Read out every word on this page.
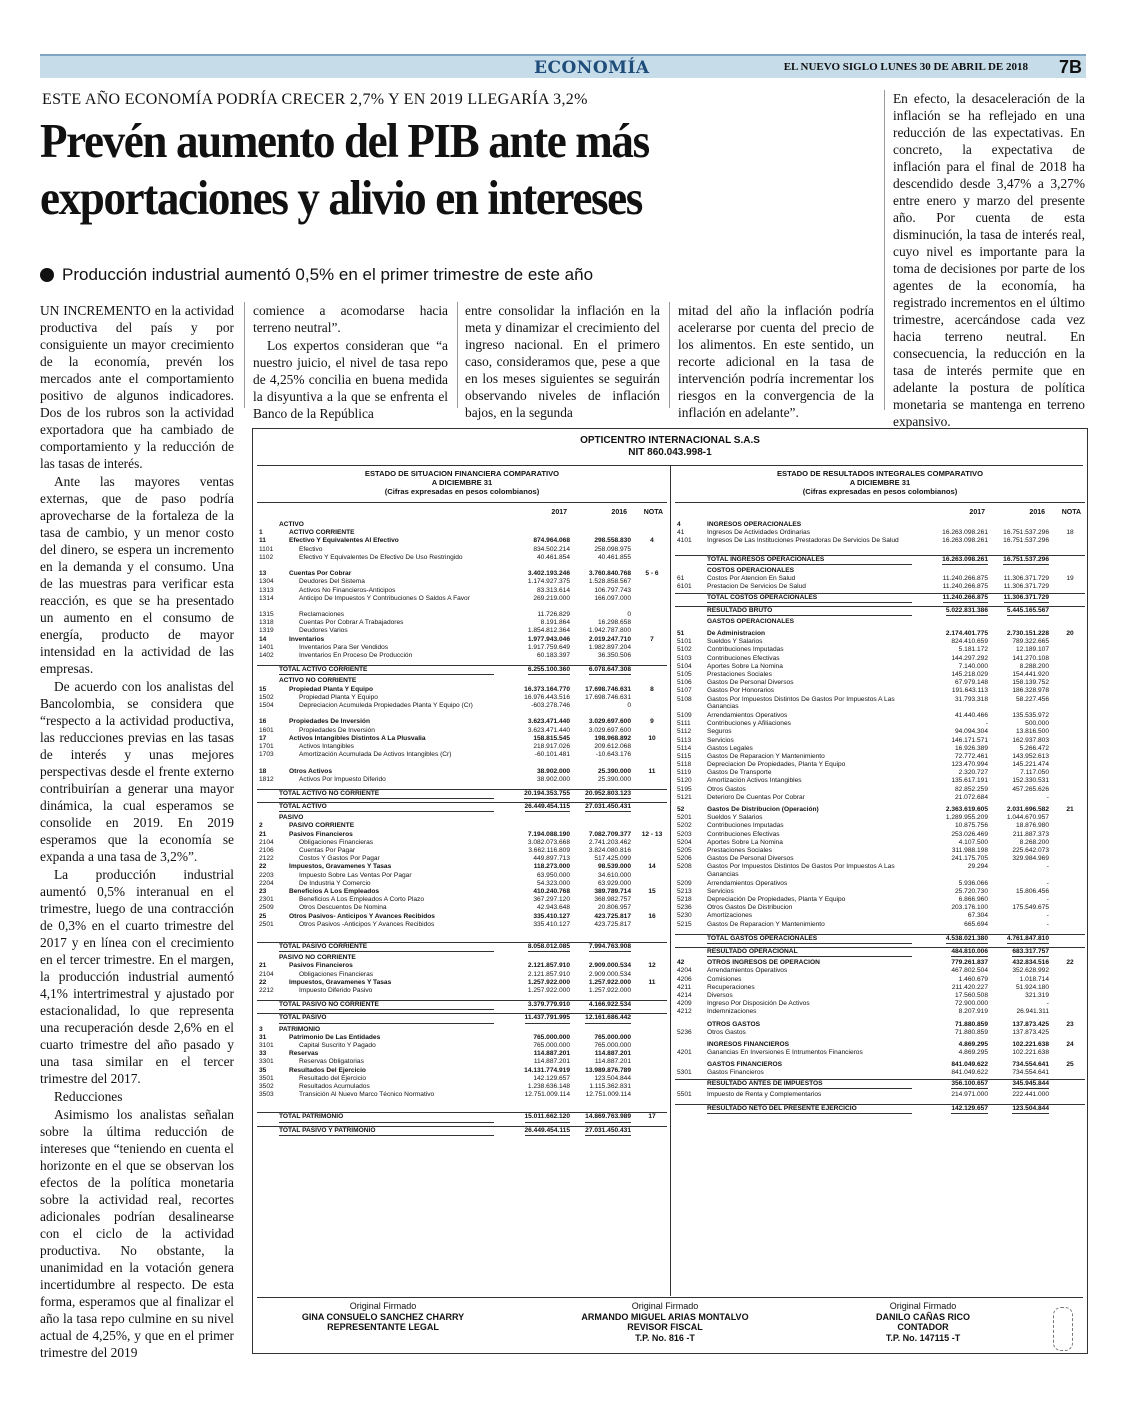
ECONOMÍA	EL NUEVO SIGLO LUNES 30 DE ABRIL DE 2018 7B
ESTE AÑO ECONOMÍA PODRÍA CRECER 2,7% Y EN 2019 LLEGARÍA 3,2%
Prevén aumento del PIB ante más exportaciones y alivio en intereses
Producción industrial aumentó 0,5% en el primer trimestre de este año
En efecto, la desaceleración de la inflación se ha reflejado en una reducción de las expectativas. En concreto, la expectativa de inflación para el final de 2018 ha descendido desde 3,47% a 3,27% entre enero y marzo del presente año. Por cuenta de esta disminución, la tasa de interés real, cuyo nivel es importante para la toma de decisiones por parte de los agentes de la economía, ha registrado incrementos en el último trimestre, acercándose cada vez hacia terreno neutral. En consecuencia, la reducción en la tasa de interés permite que en adelante la postura de política monetaria se mantenga en terreno expansivo.

UN INCREMENTO en la actividad productiva del país y por consiguiente un mayor crecimiento de la economía, prevén los mercados ante el comportamiento positivo de algunos indicadores. Dos de los rubros son la actividad exportadora que ha cambiado de comportamiento y la reducción de las tasas de interés.

Ante las mayores ventas externas, que de paso podría aprovecharse de la fortaleza de la tasa de cambio, y un menor costo del dinero, se espera un incremento en la demanda y el consumo. Una de las muestras para verificar esta reacción, es que se ha presentado un aumento en el consumo de energía, producto de mayor intensidad en la actividad de las empresas.

De acuerdo con los analistas del Bancolombia, se considera que “respecto a la actividad productiva, las reducciones previas en las tasas de interés y unas mejores perspectivas desde el frente externo contribuirían a generar una mayor dinámica, la cual esperamos se consolide en 2019. En 2019 esperamos que la economía se expanda a una tasa de 3,2%”.

La producción industrial aumentó 0,5% interanual en el trimestre, luego de una contracción de 0,3% en el cuarto trimestre del 2017 y en línea con el crecimiento en el tercer trimestre. En el margen, la producción industrial aumentó 4,1% intertrimestral y ajustado por estacionalidad, lo que representa una recuperación desde 2,6% en el cuarto trimestre del año pasado y una tasa similar en el tercer trimestre del 2017.

Reducciones

Asimismo los analistas señalan sobre la última reducción de intereses que “teniendo en cuenta el horizonte en el que se observan los efectos de la política monetaria sobre la actividad real, recortes adicionales podrían desalinearse con el ciclo de la actividad productiva. No obstante, la unanimidad en la votación genera incertidumbre al respecto. De esta forma, esperamos que al finalizar el año la tasa repo culmine en su nivel actual de 4,25%, y que en el primer trimestre del 2019

comience a acomodarse hacia terreno neutral”.

Los expertos consideran que “a nuestro juicio, el nivel de tasa repo de 4,25% concilia en buena medida la disyuntiva a la que se enfrenta el Banco de la República

entre consolidar la inflación en la meta y dinamizar el crecimiento del ingreso nacional. En el primero caso, consideramos que, pese a que en los meses siguientes se seguirán observando niveles de inflación bajos, en la segunda

mitad del año la inflación podría acelerarse por cuenta del precio de los alimentos. En este sentido, un recorte adicional en la tasa de intervención podría incrementar los riesgos en la convergencia de la inflación en adelante”.

OPTICENTRO INTERNACIONAL S.A.S
NIT 860.043.998-1
ESTADO DE SITUACION FINANCIERA COMPARATIVO
A DICIEMBRE 31
(Cifras expresadas en pesos colombianos)
2017	2016 NOTA
ACTIVO
1	ACTIVO CORRIENTE
11	Efectivo Y Equivalentes Al Efectivo	874.964.068	298.558.830	4
1101	Efectivo	834.502.214	258.098.975
1102	Efectivo Y Equivalentes De Efectivo De Uso Restringido	40.461.854	40.461.855
13	Cuentas Por Cobrar	3.402.193.246	3.760.840.768	5 - 6
1304	Deudores Del Sistema	1.174.927.375	1.528.858.567
1313	Activos No Financieros-Anticipos	83.313.614	106.797.743
1314	Anticipo De Impuestos Y Contribuciones O Saldos A Favor	269.219.000	166.097.000
1315	Reclamaciones	11.726.829	0
1318	Cuentas Por Cobrar A Trabajadores	8.191.864	16.298.658
1319	Deudores Varios	1.854.812.364	1.942.787.800
14	Inventarios	1.977.943.046	2.019.247.710	7
1401	Inventarios Para Ser Vendidos	1.917.759.649	1.982.897.204
1402	Inventarios En Proceso De Producción	60.183.397	36.350.506
TOTAL ACTIVO CORRIENTE	6.255.100.360	6.078.647.308
ACTIVO NO CORRIENTE
15	Propiedad Planta Y Equipo	16.373.164.770 17.698.746.631	8
1502	Propiedad Planta Y Equipo	16.976.443.516 17.698.746.631
1504	Depreciacion Acumuleda Propiedades Planta Y Equipo (Cr)	-603.278.746	0
16	Propiedades De Inversión	3.623.471.440	3.029.697.600	9
1601	Propiedades De Inversión	3.623.471.440	3.029.697.600
17	Activos Intangibles Distintos A La Plusvalia	158.815.545	198.968.892	10
1701	Activos Intangibles	218.917.026	209.612.068
1703	Amortización Acumulada De Activos Intangibles (Cr)	-60.101.481	-10.643.176
18	Otros Activos	38.902.000	25.390.000	11
1812	Activos Por Impuesto Diferido	38.902.000	25.390.000
TOTAL ACTIVO NO CORRIENTE	20.194.353.755 20.952.803.123
TOTAL ACTIVO	26.449.454.115 27.031.450.431
PASIVO
2	PASIVO CORRIENTE
21	Pasivos Financieros	7.194.088.190	7.082.709.377	12 - 13
2104	Obligaciones Financieras	3.082.073.668	2.741.203.462
2106	Cuentas Por Pagar	3.662.116.809	3.824.080.816
2122	Costos Y Gastos Por Pagar	449.897.713	517.425.099
22	Impuestos, Gravamenes Y Tasas	118.273.000	98.539.000	14
2203	Impuesto Sobre Las Ventas Por Pagar	63.950.000	34.610.000
2204	De Industria Y Comercio	54.323.000	63.929.000
23	Beneficios A Los Empleados	410.240.768	389.789.714	15
2301	Beneficios A Los Empleados A Corto Plazo	367.297.120	368.982.757
2509	Otros Descuentos De Nomina	42.943.648	20.806.957
25	Otros Pasivos- Anticipos Y Avances Recibidos	335.410.127	423.725.817	16
2501	Otros Pasivos -Anticipos Y Avances Recibidos	335.410.127	423.725.817
TOTAL PASIVO CORRIENTE	8.058.012.085	7.994.763.908
PASIVO NO CORRIENTE
21	Pasivos Financieros	2.121.857.910	2.909.000.534	12
2104	Obligaciones Financieras	2.121.857.910	2.909.000.534
22	Impuestos, Gravamenes Y Tasas	1.257.922.000	1.257.922.000	11
2212	Impuesto Diferido Pasivo	1.257.922.000	1.257.922.000
TOTAL PASIVO NO CORRIENTE	3.379.779.910	4.166.922.534
TOTAL PASIVO	11.437.791.995 12.161.686.442
3 PATRIMONIO
31	Patrimonio De Las Entidades	765.000.000	765.000.000
3101	Capital Suscrito Y Pagado	765.000.000	765.000.000
33	Reservas	114.887.201	114.887.201
3301	Reservas Obligatorias	114.887.201	114.887.201
35	Resultados Del Ejercicio	14.131.774.919 13.989.876.789
3501	Resultado del Ejercicio	142.129.657	123.504.844
3502	Resultados Acumulados	1.238.636.148	1.115.362.831
3503	Transición Al Nuevo Marco Técnico Normativo	12.751.009.114 12.751.009.114
TOTAL PATRIMONIO	15.011.662.120 14.869.763.989	17
TOTAL PASIVO Y PATRIMONIO	26.449.454.115 27.031.450.431
ESTADO DE RESULTADOS INTEGRALES COMPARATIVO
A DICIEMBRE 31
(Cifras expresadas en pesos colombianos)
2017	2016 NOTA
4	INGRESOS OPERACIONALES
41	Ingresos De Actividades Ordinarias	16.263.098.261 16.751.537.296	18
4101 Ingresos De Las Instituciones Prestadoras De Servicios De Salud	16.263.098.261 16.751.537.296
TOTAL INGRESOS OPERACIONALES	16.263.098.261 16.751.537.296
COSTOS OPERACIONALES
61	Costos Por Atencion En Salud	11.240.266.875 11.306.371.729	19
6101 Prestacion De Servicios De Salud	11.240.266.875 11.306.371.729
TOTAL COSTOS OPERACIONALES	11.240.266.875 11.306.371.729
RESULTADO BRUTO	5.022.831.386	5.445.165.567
GASTOS OPERACIONALES
51	De Administracion	2.174.401.775	2.730.151.228	20
5101 Sueldos Y Salarios	824.410.659	789.322.665
5102 Contribuciones Imputadas	5.181.172	12.189.107
5103 Contribuciones Efectivas	144.297.292	141.270.108
5104 Aportes Sobre La Nomina	7.140.000	8.288.200
5105 Prestaciones Sociales	145.218.029	154.441.920
5106 Gastos De Personal Diversos	67.979.148	158.139.752
5107 Gastos Por Honorarios	191.643.113	186.328.978
5108 Gastos Por Impuestos Distintos De Gastos Por Impuestos A Las Ganancias
31.793.318	58.227.456
5109 Arrendamientos Operativos	41.440.466	135.535.972
5111 Contribuciones y Afiliaciones	-	500.000
5112 Seguros	94.094.304	13.816.500
5113 Servicios	146.171.571	162.937.803
5114 Gastos Legales	16.926.389	5.266.472
5115 Gastos De Reparacion Y Mantenimiento	72.772.461	143.952.613
5118 Depreciacion De Propiedades, Planta Y Equipo	123.470.994	145.221.474
5119 Gastos De Transporte	2.320.727	7.117.050
5120 Amortización Activos Intangibles	135.617.191	152.330.531
5195 Otros Gastos	82.852.259	457.265.626
5121 Deterioro De Cuentas Por Cobrar	21.072.684	-
52	Gastos De Distribucion (Operación)	2.363.619.605	2.031.696.582	21
5201 Sueldos Y Salarios	1.289.955.209	1.044.670.957
5202 Contribuciones Imputadas	10.875.756	18.876.980
5203 Contribuciones Efectivas	253.026.469	211.887.373
5204 Aportes Sobre La Nomina	4.107.500	8.268.200
5205 Prestaciones Sociales	311.988.198	225.642.073
5206 Gastos De Personal Diversos	241.175.705	329.984.969
5208 Gastos Por Impuestos Distintos De Gastos Por Impuestos A Las Ganancias
29.294	-
5209 Arrendamientos Operativos	5.936.066	-
5213 Servicios	25.720.730	15.806.456
5218 Depreciación De Propiedades, Planta Y Equipo	6.866.960	-
5236 Otros Gastos De Distribucion	203.176.100	175.549.675
5230 Amortizaciones	67.304	-
5215 Gastos De Reparacion Y Mantenimiento	665.694	-
TOTAL GASTOS OPERACIONALES	4.538.021.380	4.761.847.810
RESULTADO OPERACIONAL	484.810.006	683.317.757
42	OTROS INGRESOS DE OPERACIÓN	779.261.837	432.834.516	22
4204 Arrendamientos Operativos	467.802.504	352.628.992
4206 Comisiones	1.460.679	1.018.714
4211 Recuperaciones	211.420.227	51.924.180
4214 Diversos	17.560.508	321.319
4209 Ingreso Por Disposición De Activos	72.900.000	-
4212 Indemnizaciones	8.207.919	26.941.311
OTROS GASTOS	71.880.859	137.873.425	23
5236 Otros Gastos	71.880.859	137.873.425
INGRESOS FINANCIEROS	4.869.295	102.221.638	24
4201 Ganancias En Inversiones E Intrumentos Financieros	4.869.295	102.221.638
GASTOS FINANCIEROS	841.049.622	734.554.641	25
5301 Gastos Financieros	841.049.622	734.554.641
RESULTADO ANTES DE IMPUESTOS	356.100.657	345.945.844
5501 Impuesto de Renta y Complementarios	214.971.000	222.441.000
RESULTADO NETO DEL PRESENTE EJERCICIO	142.129.657	123.504.844
Original Firmado
GINA CONSUELO SANCHEZ CHARRY
REPRESENTANTE LEGAL
Original Firmado
ARMANDO MIGUEL ARIAS MONTALVO
REVISOR FISCAL
T.P. No. 816 -T
Original Firmado
DANILO CAÑAS RICO
CONTADOR
T.P. No. 147115 -T
